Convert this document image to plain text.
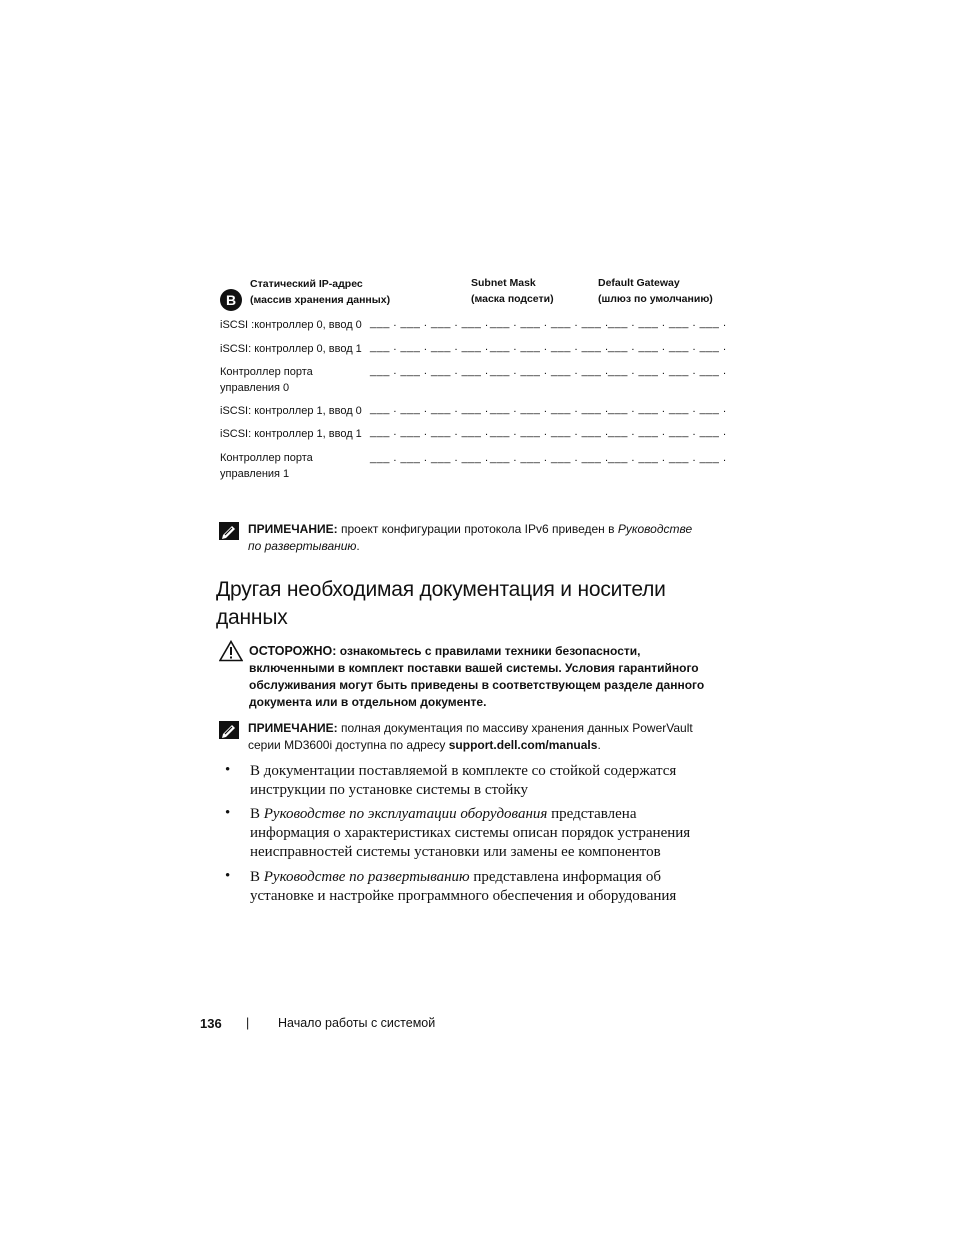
B
Статический IP-адрес
(массив хранения данных)
Subnet Mask
(маска подсети)
Default Gateway
(шлюз по умолчанию)
iSCSI :контроллер 0, ввод 0 ___ . ___ . ___ . ___ . ___ . ___ . ___ . ___ . ___ . ___ . ___ . ___ .
iSCSI: контроллер 0, ввод 1 ___ . ___ . ___ . ___ . ___ . ___ . ___ . ___ . ___ . ___ . ___ . ___ .
Контроллер порта
управления 0
___ . ___ . ___ . ___ . ___ . ___ . ___ . ___ . ___ . ___ . ___ . ___ .
iSCSI: контроллер 1, ввод 0 ___ . ___ . ___ . ___ . ___ . ___ . ___ . ___ . ___ . ___ . ___ . ___ .
iSCSI: контроллер 1, ввод 1 ___ . ___ . ___ . ___ . ___ . ___ . ___ . ___ . ___ . ___ . ___ . ___ .
Контроллер порта
управления 1
___ . ___ . ___ . ___ . ___ . ___ . ___ . ___ . ___ . ___ . ___ . ___ .
ПРИМЕЧАНИЕ: проект конфигурации протокола IPv6 приведен в Руководстве
по развертыванию.
Другая необходимая документация и носители
данных
ОСТОРОЖНО: ознакомьтесь с правилами техники безопасности,
включенными в комплект поставки вашей системы. Условия гарантийного
обслуживания могут быть приведены в соответствующем разделе данного
документа или в отдельном документе.
ПРИМЕЧАНИЕ: полная документация по массиву хранения данных PowerVault
серии MD3600i доступна по адресу support.dell.com/manuals.
• В документации поставляемой в комплекте со стойкой содержатся
инструкции по установке системы в стойку
• В Руководстве по эксплуатации оборудования представлена
информация о характеристиках системы описан порядок устранения
неисправностей системы установки или замены ее компонентов
• В Руководстве по развертыванию представлена информация об
установке и настройке программного обеспечения и оборудования
136 | Начало работы с системой
